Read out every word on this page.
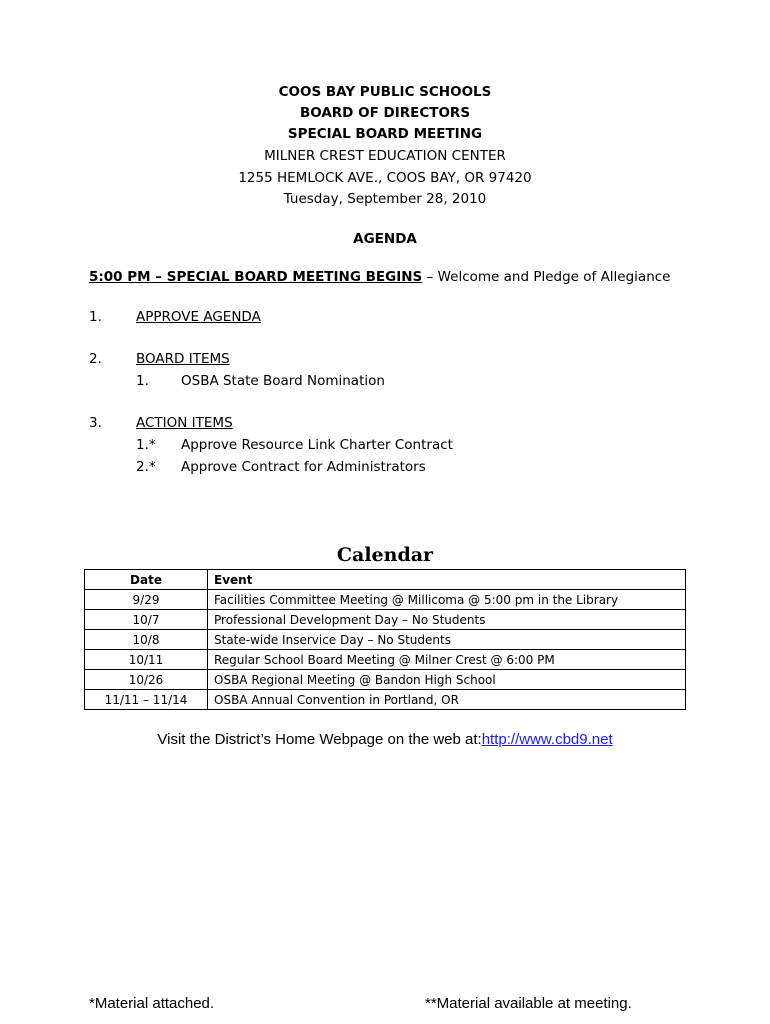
COOS BAY PUBLIC SCHOOLS
BOARD OF DIRECTORS
SPECIAL BOARD MEETING
MILNER CREST EDUCATION CENTER
1255 HEMLOCK AVE., COOS BAY, OR 97420
Tuesday, September 28, 2010
AGENDA
5:00 PM – SPECIAL BOARD MEETING BEGINS – Welcome and Pledge of Allegiance
1.	APPROVE AGENDA
2.	BOARD ITEMS
1. OSBA State Board Nomination
3.	ACTION ITEMS
1.* Approve Resource Link Charter Contract
2.* Approve Contract for Administrators
Calendar
Date	Event
9/29	Facilities Committee Meeting @ Millicoma @ 5:00 pm in the Library
10/7	Professional Development Day – No Students
10/8	State-wide Inservice Day – No Students
10/11	Regular School Board Meeting @ Milner Crest @ 6:00 PM
10/26	OSBA Regional Meeting @ Bandon High School
11/11 – 11/14	OSBA Annual Convention in Portland, OR
Visit the District’s Home Webpage on the web at:http://www.cbd9.net
*Material attached.	**Material available at meeting.
